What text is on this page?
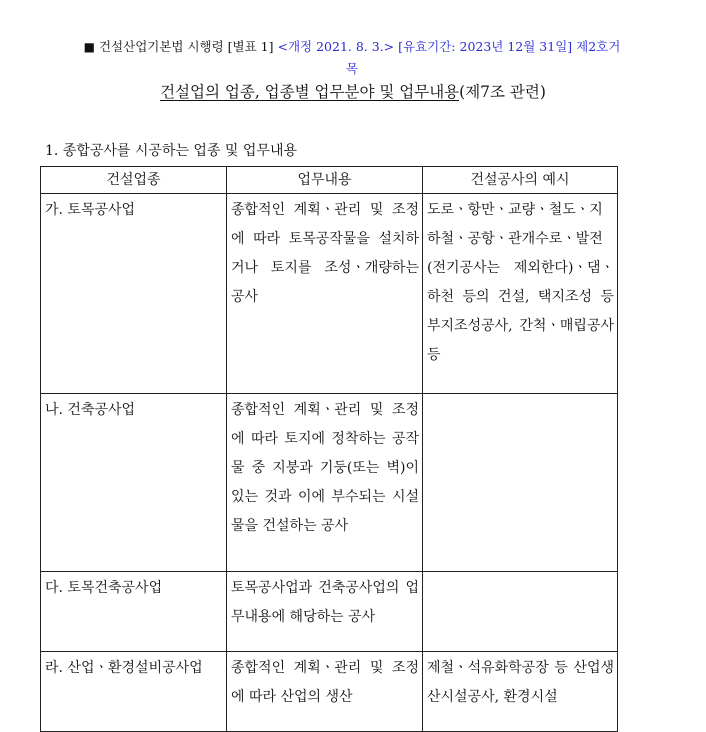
■ 건설산업기본법 시행령 [별표 1] <개정 2021. 8. 3.> [유효기간: 2023년 12월 31일] 제2호거
목
건설업의 업종, 업종별 업무분야 및 업무내용(제7조 관련)
1. 종합공사를 시공하는 업종 및 업무내용
건설업종	업무내용	건설공사의 예시
가. 토목공사업	종합적인 계획ㆍ관리 및 조정에 따라 토목공작물을 설치하거나 토지를 조성ㆍ개량하는 공사	도로ㆍ항만ㆍ교량ㆍ철도ㆍ지하철ㆍ공항ㆍ관개수로ㆍ발전(전기공사는 제외한다)ㆍ댐ㆍ하천 등의 건설, 택지조성 등 부지조성공사, 간척ㆍ매립공사 등
나. 건축공사업	종합적인 계획ㆍ관리 및 조정에 따라 토지에 정착하는 공작물 중 지붕과 기둥(또는 벽)이 있는 것과 이에 부수되는 시설물을 건설하는 공사	
다. 토목건축공사업	토목공사업과 건축공사업의 업무내용에 해당하는 공사	
라. 산업ㆍ환경설비공사업	종합적인 계획ㆍ관리 및 조정에 따라 산업의 생산	제철ㆍ석유화학공장 등 산업생산시설공사, 환경시설
